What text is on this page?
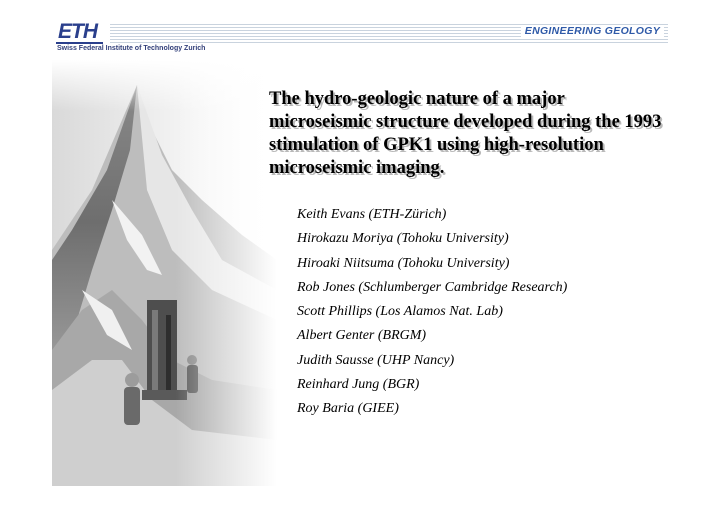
ETH
Swiss Federal Institute of Technology Zurich
ENGINEERING GEOLOGY
The hydro-geologic nature of a major microseismic structure developed during the 1993 stimulation of GPK1 using high-resolution microseismic imaging.
Keith Evans (ETH-Zürich)
Hirokazu Moriya (Tohoku University)
Hiroaki Niitsuma (Tohoku University)
Rob Jones (Schlumberger Cambridge Research)
Scott Phillips (Los Alamos Nat. Lab)
Albert Genter (BRGM)
Judith Sausse (UHP Nancy)
Reinhard Jung (BGR)
Roy Baria (GIEE)
